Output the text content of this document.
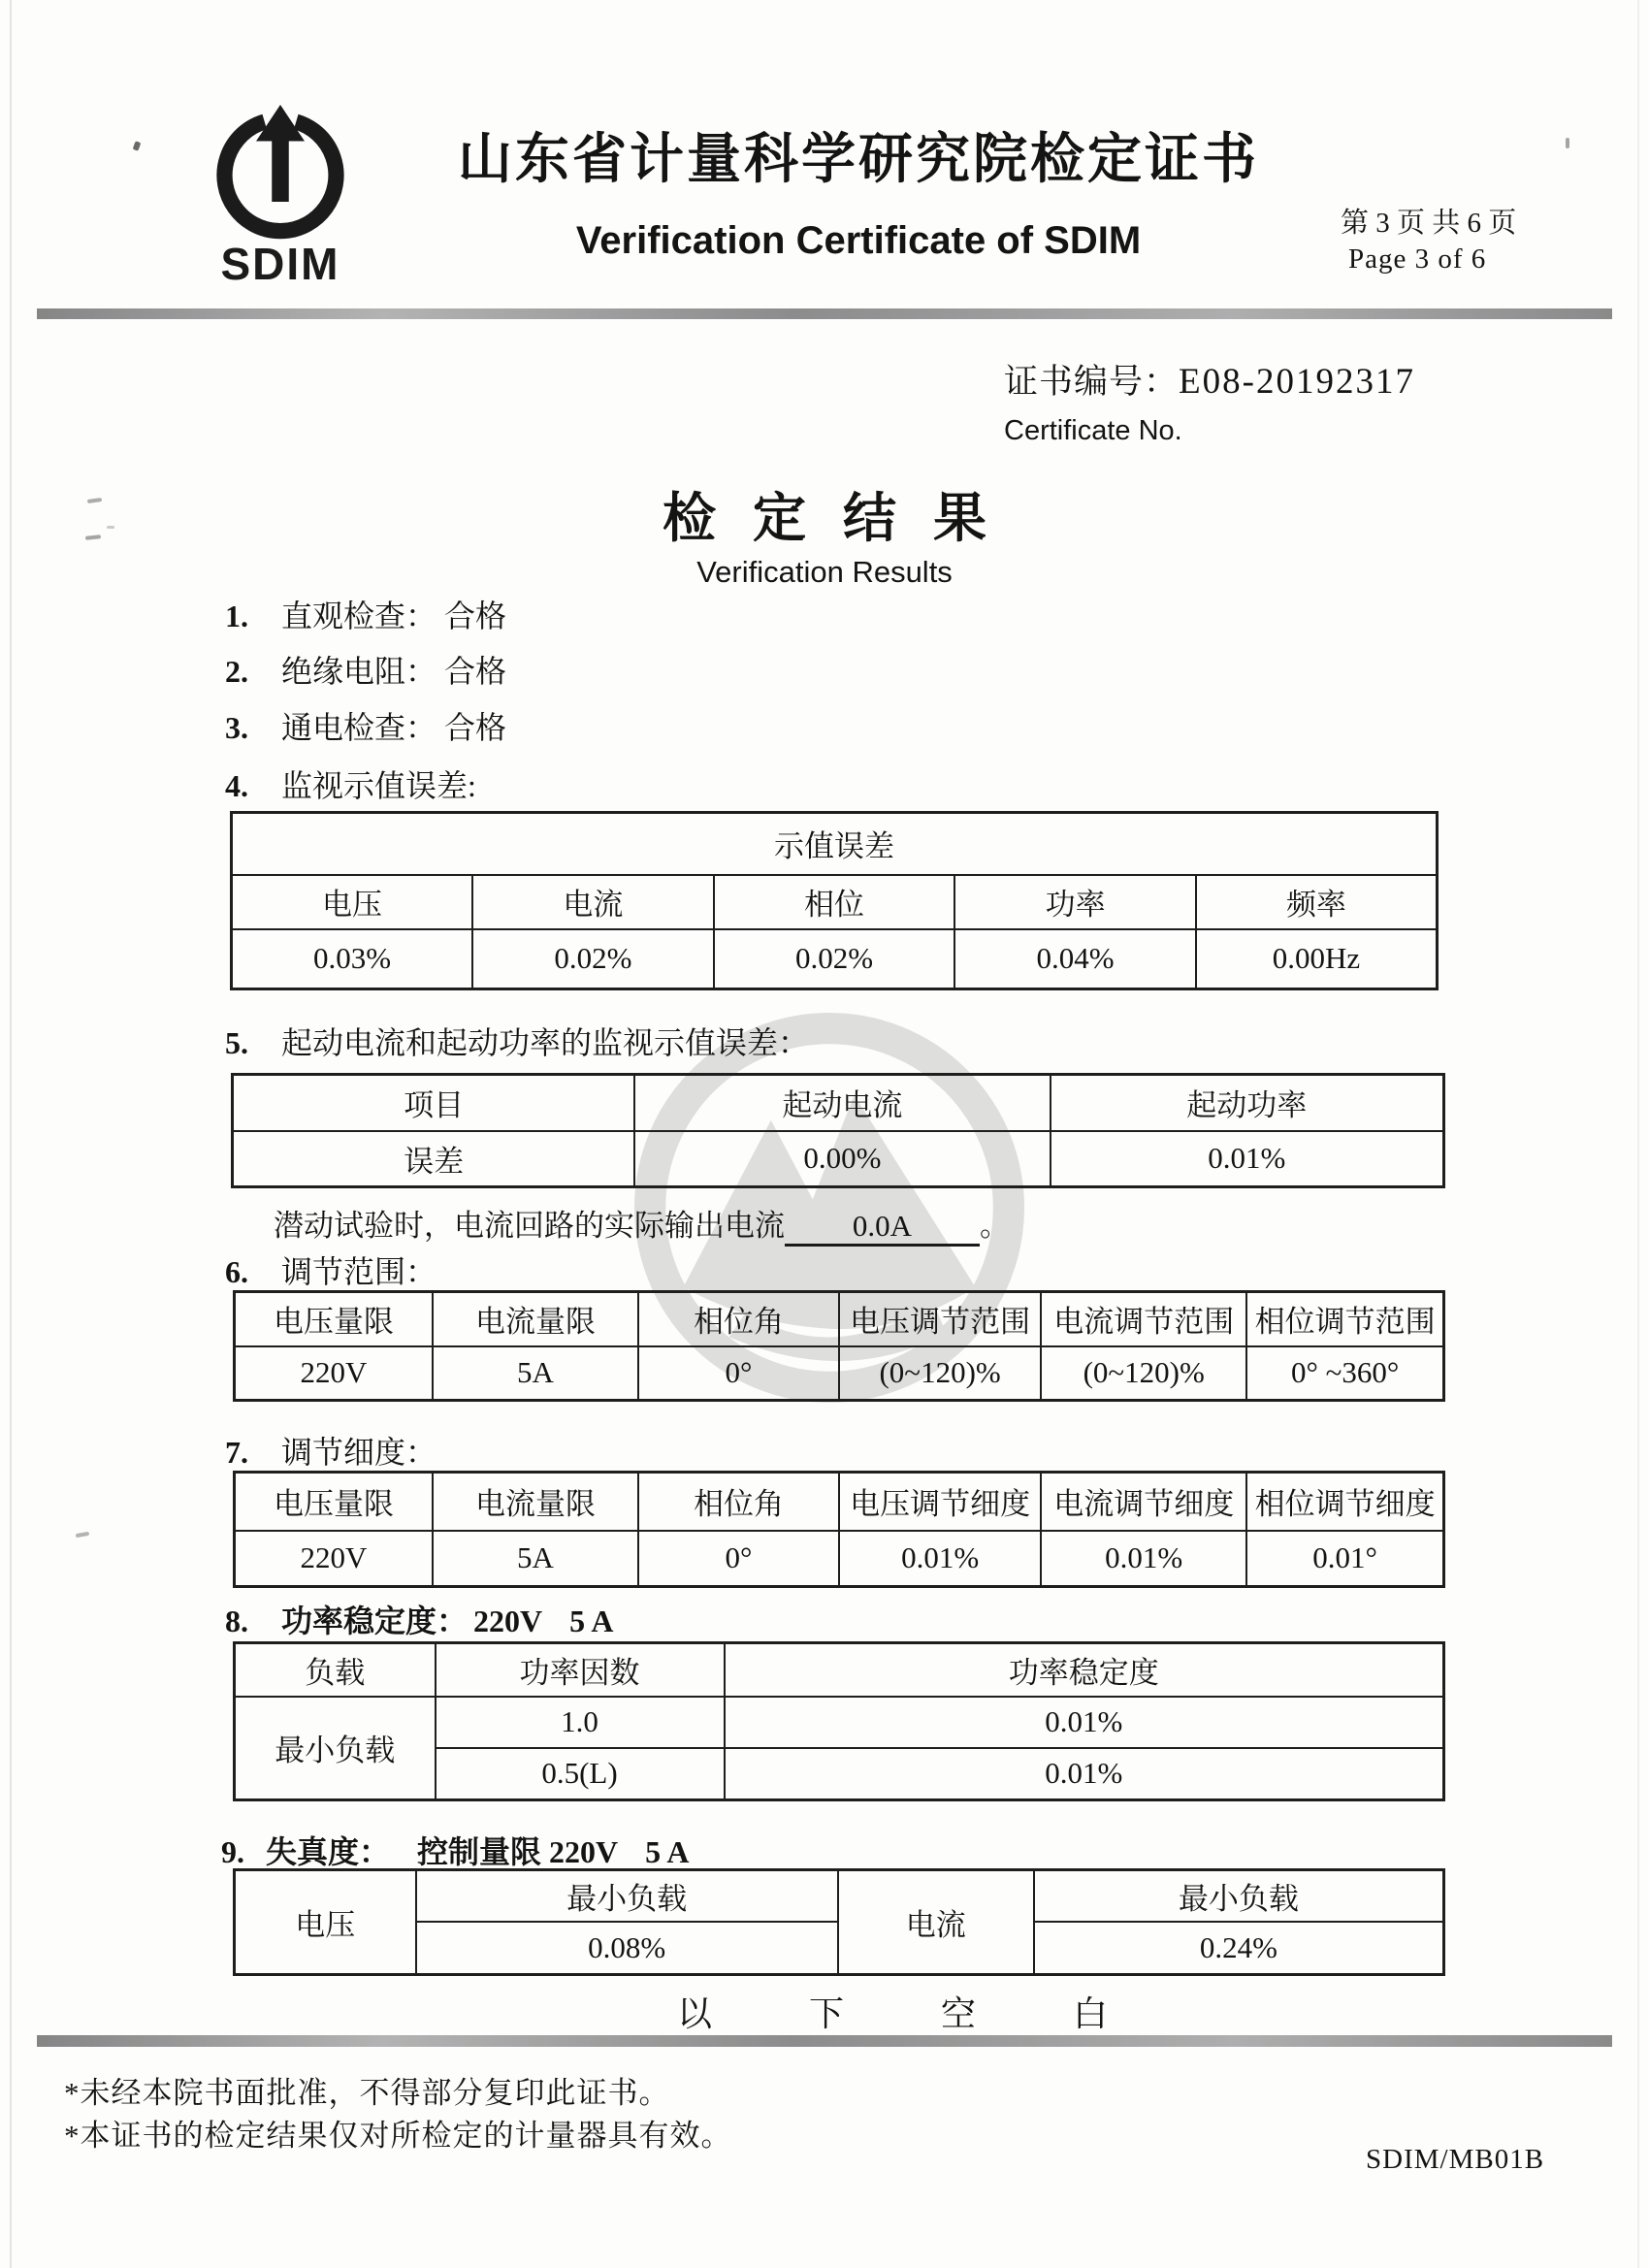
SDIM
山东省计量科学研究院检定证书
Verification Certificate of SDIM	第 3 页 共 6 页
Page 3 of 6
证书编号：E08-20192317
Certificate No.
检定结果
Verification Results
1. 直观检查： 合格
2. 绝缘电阻： 合格
3. 通电检查： 合格
4. 监视示值误差:
示值误差				
电压	电流	相位	功率	频率
0.03%	0.02%	0.02%	0.04%	0.00Hz
5. 起动电流和起动功率的监视示值误差：
项目	起动电流	起动功率
误差	0.00%	0.01%
潜动试验时，电流回路的实际输出电流 0.0A 。
6. 调节范围：
电压量限	电流量限	相位角	电压调节范围	电流调节范围	相位调节范围
220V	5A	0°	(0~120)%	(0~120)%	0° ~360°
7. 调节细度：
电压量限	电流量限	相位角	电压调节细度	电流调节细度	相位调节细度
220V	5A	0°	0.01%	0.01%	0.01°
8. 功率稳定度： 220V 5 A
负载	功率因数	功率稳定度
最小负载	1.0	0.01%
	0.5(L)	0.01%
9. 失真度： 控制量限 220V 5 A
电压	最小负载	电流	最小负载
	0.08%		0.24%
以下空白
*未经本院书面批准，不得部分复印此证书。
*本证书的检定结果仅对所检定的计量器具有效。
SDIM/MB01B
